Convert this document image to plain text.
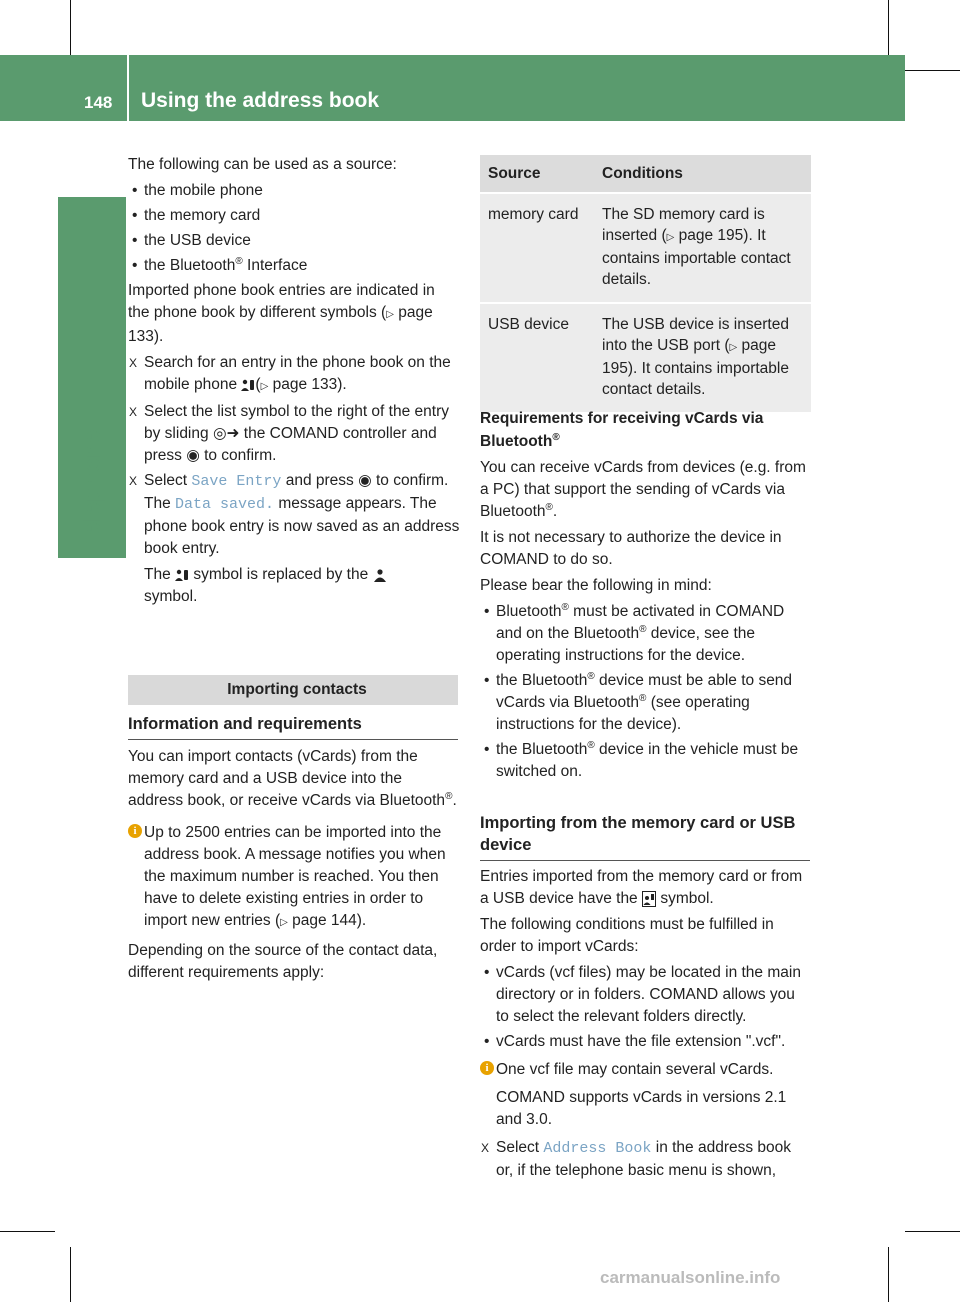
148 Using the address book
Telephone

The following can be used as a source:

• the mobile phone
• the memory card
• the USB device
• the Bluetooth® Interface

Imported phone book entries are indicated in the phone book by different symbols (▷ page 133).

X Search for an entry in the phone book on the mobile phone (▷ page 133).
X Select the list symbol to the right of the entry by sliding ◎➜ the COMAND controller and press ◉ to confirm.
X Select Save Entry and press ◉ to confirm.
The Data saved. message appears. The phone book entry is now saved as an address book entry.
The symbol is replaced by the
symbol.
Importing contacts
Information and requirements

You can import contacts (vCards) from the memory card and a USB device into the address book, or receive vCards via Bluetooth®.

i Up to 2500 entries can be imported into the address book. A message notifies you when the maximum number is reached. You then have to delete existing entries in order to import new entries (▷ page 144).

Depending on the source of the contact data, different requirements apply:

Source	Conditions

memory card	The SD memory card is inserted (▷ page 195). It contains importable contact details.

USB device	The USB device is inserted into the USB port (▷ page 195). It contains importable contact details.
Requirements for receiving vCards via Bluetooth®

You can receive vCards from devices (e.g. from a PC) that support the sending of vCards via Bluetooth®.

It is not necessary to authorize the device in COMAND to do so.

Please bear the following in mind:

• Bluetooth® must be activated in COMAND and on the Bluetooth® device, see the operating instructions for the device.
• the Bluetooth® device must be able to send vCards via Bluetooth® (see operating instructions for the device).
• the Bluetooth® device in the vehicle must be switched on.
Importing from the memory card or USB device

Entries imported from the memory card or from a USB device have the symbol.

The following conditions must be fulfilled in order to import vCards:

• vCards (vcf files) may be located in the main directory or in folders. COMAND allows you to select the relevant folders directly.
• vCards must have the file extension ".vcf".
i One vcf file may contain several vCards.
COMAND supports vCards in versions 2.1 and 3.0.
X Select Address Book in the address book or, if the telephone basic menu is shown,
carmanualsonline.info
